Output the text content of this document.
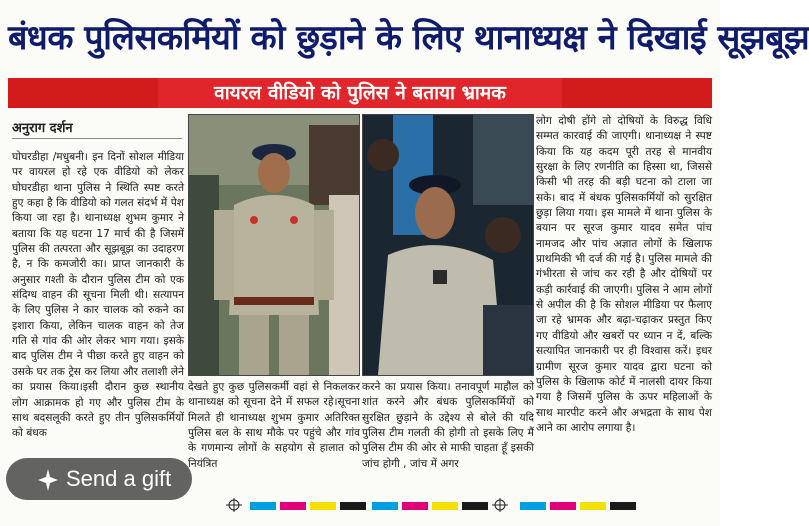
बंधक पुलिसकर्मियों को छुड़ाने के लिए थानाध्यक्ष ने दिखाई सूझबूझ
वायरल वीडियो को पुलिस ने बताया भ्रामक
अनुराग दर्शन

घोघरडीहा /मधुबनी। इन दिनों सोशल मीडिया पर वायरल हो रहे एक वीडियो को लेकर घोघरडीहा थाना पुलिस ने स्थिति स्पष्ट करते हुए कहा है कि वीडियो को गलत संदर्भ में पेश किया जा रहा है। थानाध्यक्ष शुभम कुमार ने बताया कि यह घटना 17 मार्च की है जिसमें पुलिस की तत्परता और सूझबूझ का उदाहरण है, न कि कमजोरी का। प्राप्त जानकारी के अनुसार गश्ती के दौरान पुलिस टीम को एक संदिग्ध वाहन की सूचना मिली थी। सत्यापन के लिए पुलिस ने कार चालक को रुकने का इशारा किया, लेकिन चालक वाहन को तेज गति से गांव की ओर लेकर भाग गया। इसके बाद पुलिस टीम ने पीछा करते हुए वाहन को उसके घर तक ट्रेस कर लिया और तलाशी लेने का प्रयास किया।इसी दौरान कुछ स्थानीय लोग आक्रामक हो गए और पुलिस टीम के साथ बदसलूकी करते हुए तीन पुलिसकर्मियों को बंधक

लोग दोषी होंगे तो दोषियों के विरुद्ध विधि सम्मत कारवाई की जाएगी। थानाध्यक्ष ने स्पष्ट किया कि यह कदम पूरी तरह से मानवीय सुरक्षा के लिए रणनीति का हिस्सा था, जिससे किसी भी तरह की बड़ी घटना को टाला जा सके। बाद में बंधक पुलिसकर्मियों को सुरक्षित छुड़ा लिया गया। इस मामले में थाना पुलिस के बयान पर सूरज कुमार यादव समेत पांच नामजद और पांच अज्ञात लोगों के खिलाफ प्राथमिकी भी दर्ज की गई है। पुलिस मामले की गंभीरता से जांच कर रही है और दोषियों पर कड़ी कार्रवाई की जाएगी। पुलिस ने आम लोगों से अपील की है कि सोशल मीडिया पर फैलाए जा रहे भ्रामक और बढ़ा-चढ़ाकर प्रस्तुत किए गए वीडियो और खबरों पर ध्यान न दें, बल्कि सत्यापित जानकारी पर ही विश्वास करें। इधर ग्रामीण सूरज कुमार यादव द्वारा घटना को पुलिस के खिलाफ कोर्ट में नालसी दायर किया गया है जिसमें पुलिस के ऊपर महिलाओं के साथ मारपीट करने और अभद्रता के साथ पेश आने का आरोप लगाया है।

देखते हुए कुछ पुलिसकर्मी वहां से निकलकर थानाध्यक्ष को सूचना देने में सफल रहे।सूचना मिलते ही थानाध्यक्ष शुभम कुमार अतिरिक्त पुलिस बल के साथ मौके पर पहुंचे और गांव के गणमान्य लोगों के सहयोग से हालात को नियंत्रित

करने का प्रयास किया। तनावपूर्ण माहौल को शांत करने और बंधक पुलिसकर्मियों को सुरक्षित छुड़ाने के उद्देश्य से बोले की यदि पुलिस टीम गलती की होगी तो इसके लिए मैं पुलिस टीम की ओर से माफी चाहता हूँ इसकी जांच होगी , जांच में अगर

Send a gift
